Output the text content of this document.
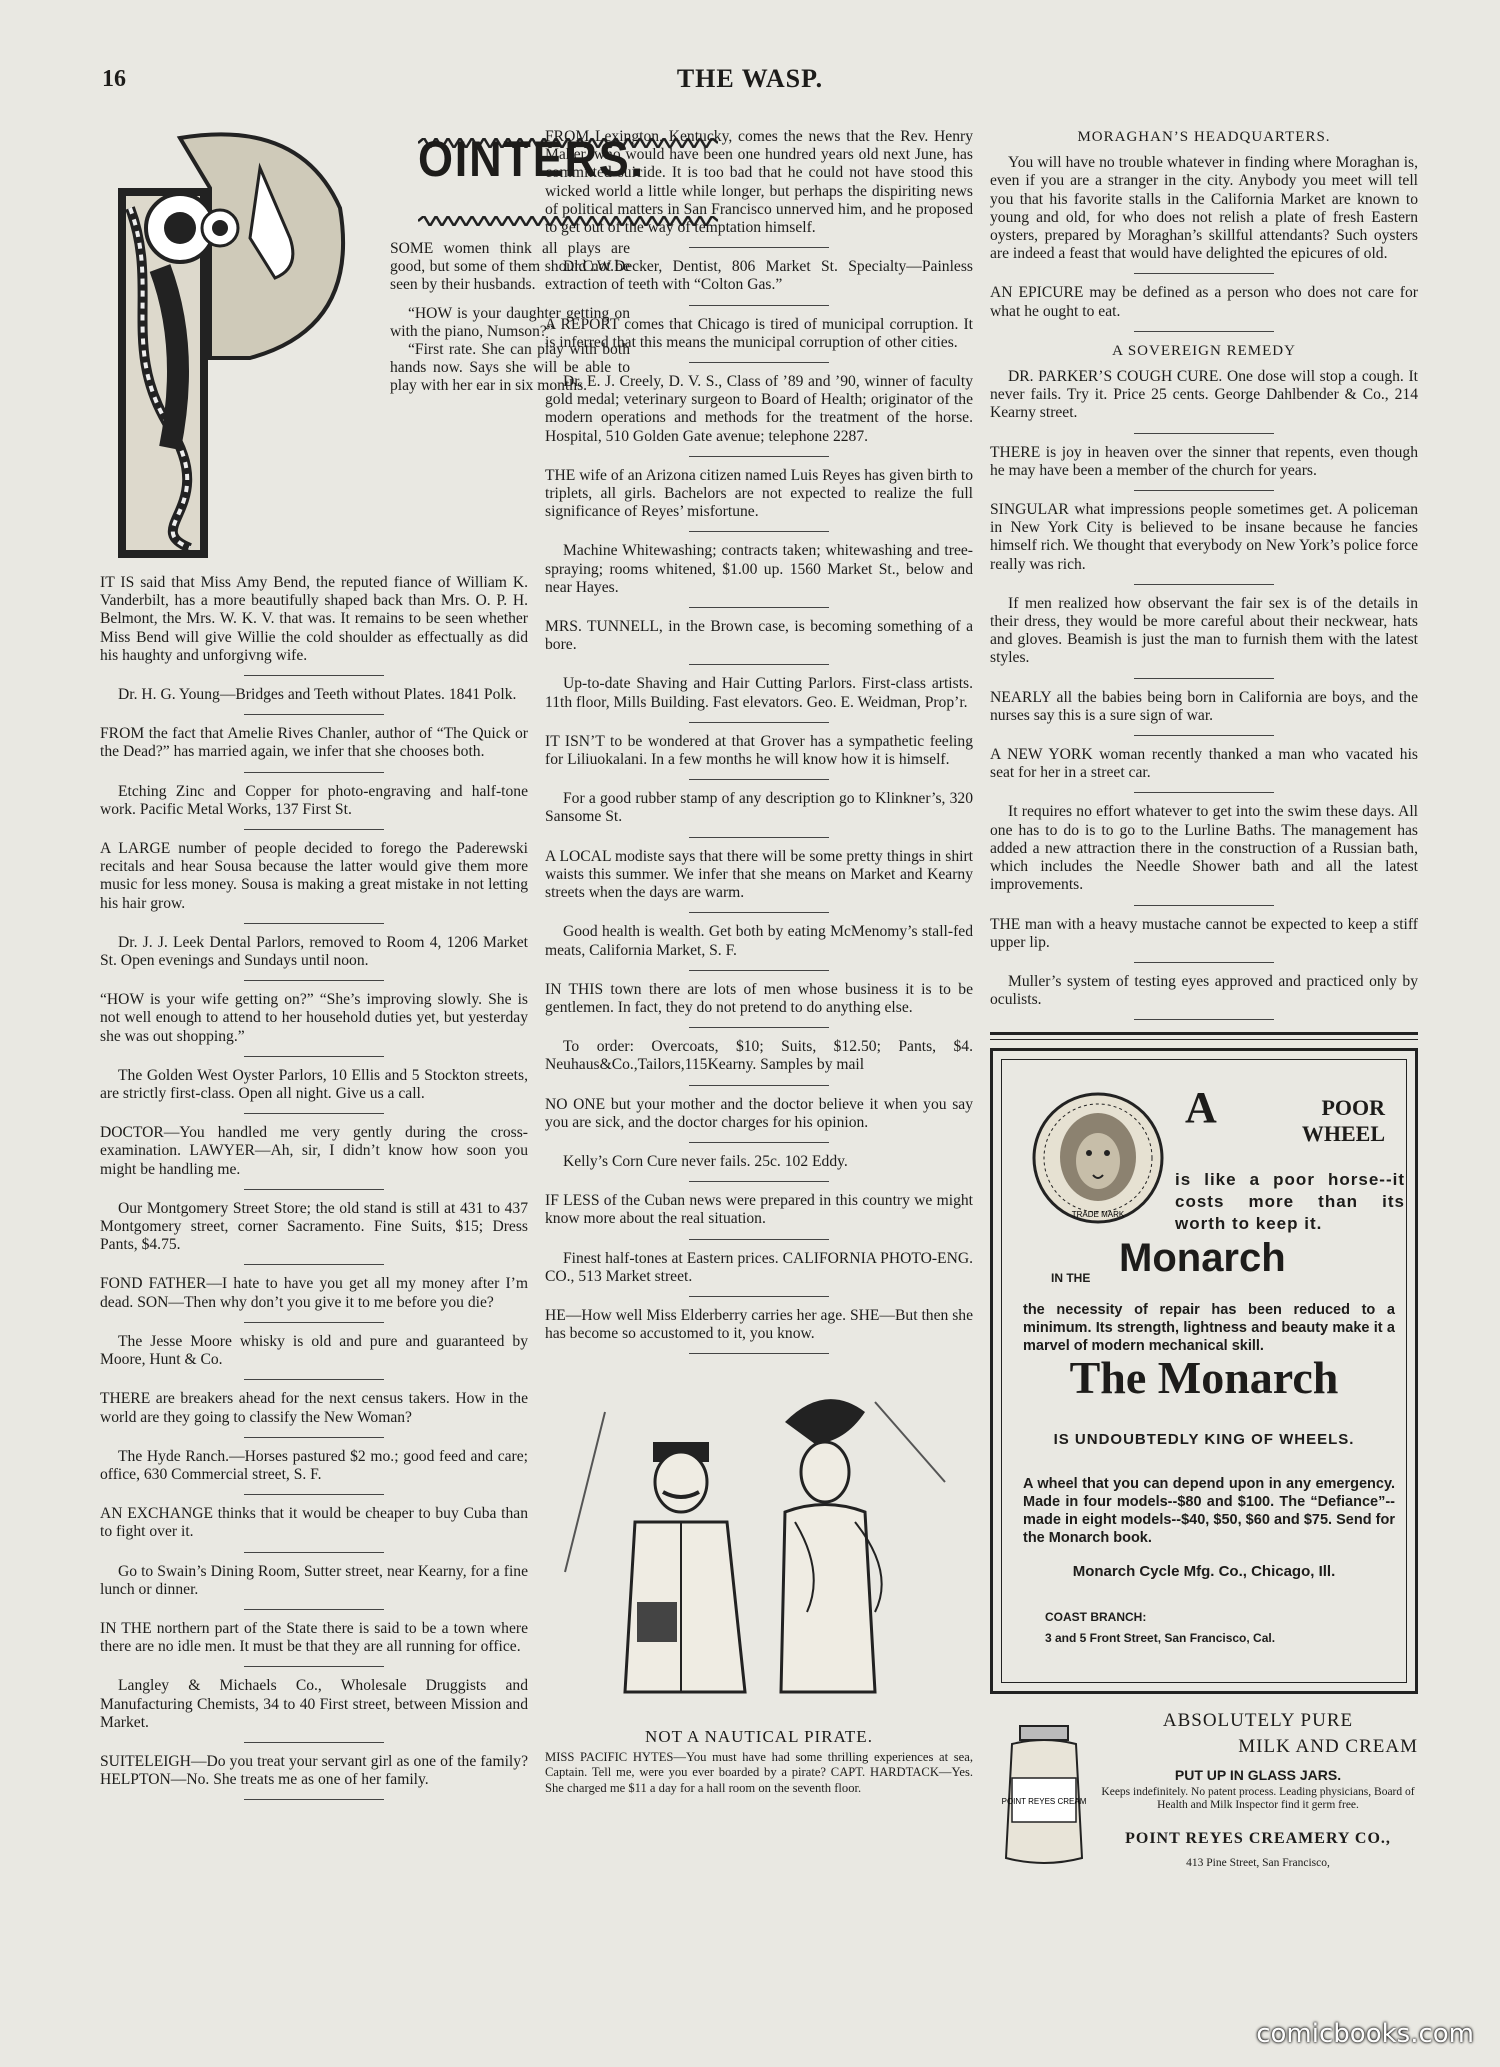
16	THE WASP.
OINTERS.

SOME women think all plays are good, but some of them should not be seen by their husbands.

“HOW is your daughter getting on with the piano, Numson?”

“First rate. She can play with both hands now. Says she will be able to play with her ear in six months.

IT IS said that Miss Amy Bend, the reputed fiance of William K. Vanderbilt, has a more beautifully shaped back than Mrs. O. P. H. Belmont, the Mrs. W. K. V. that was. It remains to be seen whether Miss Bend will give Willie the cold shoulder as effectually as did his haughty and unforgivng wife.

Dr. H. G. Young—Bridges and Teeth without Plates. 1841 Polk.

FROM the fact that Amelie Rives Chanler, author of “The Quick or the Dead?” has married again, we infer that she chooses both.

Etching Zinc and Copper for photo-engraving and half-tone work. Pacific Metal Works, 137 First St.

A LARGE number of people decided to forego the Paderewski recitals and hear Sousa because the latter would give them more music for less money. Sousa is making a great mistake in not letting his hair grow.

Dr. J. J. Leek Dental Parlors, removed to Room 4, 1206 Market St. Open evenings and Sundays until noon.

“HOW is your wife getting on?” “She’s improving slowly. She is not well enough to attend to her household duties yet, but yesterday she was out shopping.”

The Golden West Oyster Parlors, 10 Ellis and 5 Stockton streets, are strictly first-class. Open all night. Give us a call.

DOCTOR—You handled me very gently during the cross-examination. LAWYER—Ah, sir, I didn’t know how soon you might be handling me.

Our Montgomery Street Store; the old stand is still at 431 to 437 Montgomery street, corner Sacramento. Fine Suits, $15; Dress Pants, $4.75.

FOND FATHER—I hate to have you get all my money after I’m dead. SON—Then why don’t you give it to me before you die?

The Jesse Moore whisky is old and pure and guaranteed by Moore, Hunt & Co.

THERE are breakers ahead for the next census takers. How in the world are they going to classify the New Woman?

The Hyde Ranch.—Horses pastured $2 mo.; good feed and care; office, 630 Commercial street, S. F.

AN EXCHANGE thinks that it would be cheaper to buy Cuba than to fight over it.

Go to Swain’s Dining Room, Sutter street, near Kearny, for a fine lunch or dinner.

IN THE northern part of the State there is said to be a town where there are no idle men. It must be that they are all running for office.

Langley & Michaels Co., Wholesale Druggists and Manufacturing Chemists, 34 to 40 First street, between Mission and Market.

SUITELEIGH—Do you treat your servant girl as one of the family? HELPTON—No. She treats me as one of her family.

FROM Lexington, Kentucky, comes the news that the Rev. Henry Maher, who would have been one hundred years old next June, has committed suicide. It is too bad that he could not have stood this wicked world a little while longer, but perhaps the dispiriting news of political matters in San Francisco unnerved him, and he proposed to get out of the way of temptation himself.

Dr.C.W.Decker, Dentist, 806 Market St. Specialty—Painless extraction of teeth with “Colton Gas.”

A REPORT comes that Chicago is tired of municipal corruption. It is inferred that this means the municipal corruption of other cities.

Dr. E. J. Creely, D. V. S., Class of ’89 and ’90, winner of faculty gold medal; veterinary surgeon to Board of Health; originator of the modern operations and methods for the treatment of the horse. Hospital, 510 Golden Gate avenue; telephone 2287.

THE wife of an Arizona citizen named Luis Reyes has given birth to triplets, all girls. Bachelors are not expected to realize the full significance of Reyes’ misfortune.

Machine Whitewashing; contracts taken; whitewashing and tree-spraying; rooms whitened, $1.00 up. 1560 Market St., below and near Hayes.

MRS. TUNNELL, in the Brown case, is becoming something of a bore.

Up-to-date Shaving and Hair Cutting Parlors. First-class artists. 11th floor, Mills Building. Fast elevators. Geo. E. Weidman, Prop’r.

IT ISN’T to be wondered at that Grover has a sympathetic feeling for Liliuokalani. In a few months he will know how it is himself.

For a good rubber stamp of any description go to Klinkner’s, 320 Sansome St.

A LOCAL modiste says that there will be some pretty things in shirt waists this summer. We infer that she means on Market and Kearny streets when the days are warm.

Good health is wealth. Get both by eating McMenomy’s stall-fed meats, California Market, S. F.

IN THIS town there are lots of men whose business it is to be gentlemen. In fact, they do not pretend to do anything else.

To order: Overcoats, $10; Suits, $12.50; Pants, $4. Neuhaus&Co.,Tailors,115Kearny. Samples by mail

NO ONE but your mother and the doctor believe it when you say you are sick, and the doctor charges for his opinion.

Kelly’s Corn Cure never fails. 25c. 102 Eddy.

IF LESS of the Cuban news were prepared in this country we might know more about the real situation.

Finest half-tones at Eastern prices. CALIFORNIA PHOTO-ENG. CO., 513 Market street.

HE—How well Miss Elderberry carries her age. SHE—But then she has become so accustomed to it, you know.

NOT A NAUTICAL PIRATE.
MISS PACIFIC HYTES—You must have had some thrilling experiences at sea, Captain. Tell me, were you ever boarded by a pirate? CAPT. HARDTACK—Yes. She charged me $11 a day for a hall room on the seventh floor.
MORAGHAN’S HEADQUARTERS.

You will have no trouble whatever in finding where Moraghan is, even if you are a stranger in the city. Anybody you meet will tell you that his favorite stalls in the California Market are known to young and old, for who does not relish a plate of fresh Eastern oysters, prepared by Moraghan’s skillful attendants? Such oysters are indeed a feast that would have delighted the epicures of old.

AN EPICURE may be defined as a person who does not care for what he ought to eat.

A SOVEREIGN REMEDY

DR. PARKER’S COUGH CURE. One dose will stop a cough. It never fails. Try it. Price 25 cents. George Dahlbender & Co., 214 Kearny street.

THERE is joy in heaven over the sinner that repents, even though he may have been a member of the church for years.

SINGULAR what impressions people sometimes get. A policeman in New York City is believed to be insane because he fancies himself rich. We thought that everybody on New York’s police force really was rich.

If men realized how observant the fair sex is of the details in their dress, they would be more careful about their neckwear, hats and gloves. Beamish is just the man to furnish them with the latest styles.

NEARLY all the babies being born in California are boys, and the nurses say this is a sure sign of war.

A NEW YORK woman recently thanked a man who vacated his seat for her in a street car.

It requires no effort whatever to get into the swim these days. All one has to do is to go to the Lurline Baths. The management has added a new attraction there in the construction of a Russian bath, which includes the Needle Shower bath and all the latest improvements.

THE man with a heavy mustache cannot be expected to keep a stiff upper lip.

Muller’s system of testing eyes approved and practiced only by oculists.

TRADE MARK
A	POOR WHEEL
is like a poor horse--it costs more than its worth to keep it.
IN THE Monarch
the necessity of repair has been reduced to a minimum. Its strength, lightness and beauty make it a marvel of modern mechanical skill.
The Monarch
IS UNDOUBTEDLY KING OF WHEELS.
A wheel that you can depend upon in any emergency. Made in four models--$80 and $100. The “Defiance”--made in eight models--$40, $50, $60 and $75. Send for the Monarch book.
Monarch Cycle Mfg. Co., Chicago, Ill.
COAST BRANCH:
3 and 5 Front Street, San Francisco, Cal.
POINT REYES CREAM
ABSOLUTELY PURE
MILK AND CREAM
PUT UP IN GLASS JARS.
Keeps indefinitely. No patent process. Leading physicians, Board of Health and Milk Inspector find it germ free.
POINT REYES CREAMERY CO.,
413 Pine Street, San Francisco,
comicbooks.com
